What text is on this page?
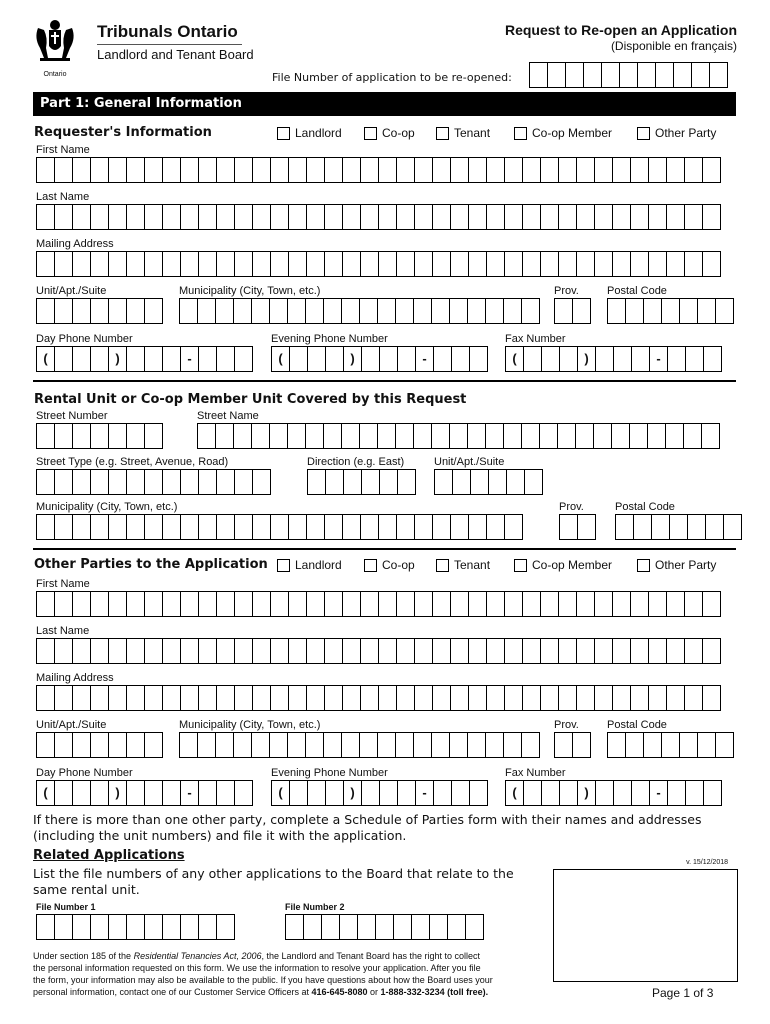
Ontario
Tribunals Ontario
Landlord and Tenant Board
Request to Re-open an Application
(Disponible en français)
File Number of application to be re-opened:
Part 1: General Information
Requester's Information	Landlord	Co-op	Tenant	Co-op Member	Other Party
First Name
Last Name
Mailing Address
Unit/Apt./Suite	Municipality (City, Town, etc.)	Prov.	Postal Code
Day Phone Number	Evening Phone Number	Fax Number
(
)
-
(
)
-
(
)
-
Rental Unit or Co-op Member Unit Covered by this Request
Street Number	Street Name
Street Type (e.g. Street, Avenue, Road)	Direction (e.g. East)	Unit/Apt./Suite
Municipality (City, Town, etc.)	Prov.	Postal Code
Other Parties to the Application Landlord	Co-op	Tenant	Co-op Member	Other Party
First Name
Last Name
Mailing Address
Unit/Apt./Suite	Municipality (City, Town, etc.)	Prov.	Postal Code
Day Phone Number	Evening Phone Number	Fax Number
(
)
-
(
)
-
(
)
-
If there is more than one other party, complete a Schedule of Parties form with their names and addresses
(including the unit numbers) and file it with the application.
Related Applications	v. 15/12/2018
List the file numbers of any other applications to the Board that relate to the
same rental unit.
File Number 1	File Number 2
Under section 185 of the Residential Tenancies Act, 2006, the Landlord and Tenant Board has the right to collect
the personal information requested on this form. We use the information to resolve your application. After you file
the form, your information may also be available to the public. If you have questions about how the Board uses your
personal information, contact one of our Customer Service Officers at 416-645-8080 or 1-888-332-3234 (toll free).	Page 1 of 3
